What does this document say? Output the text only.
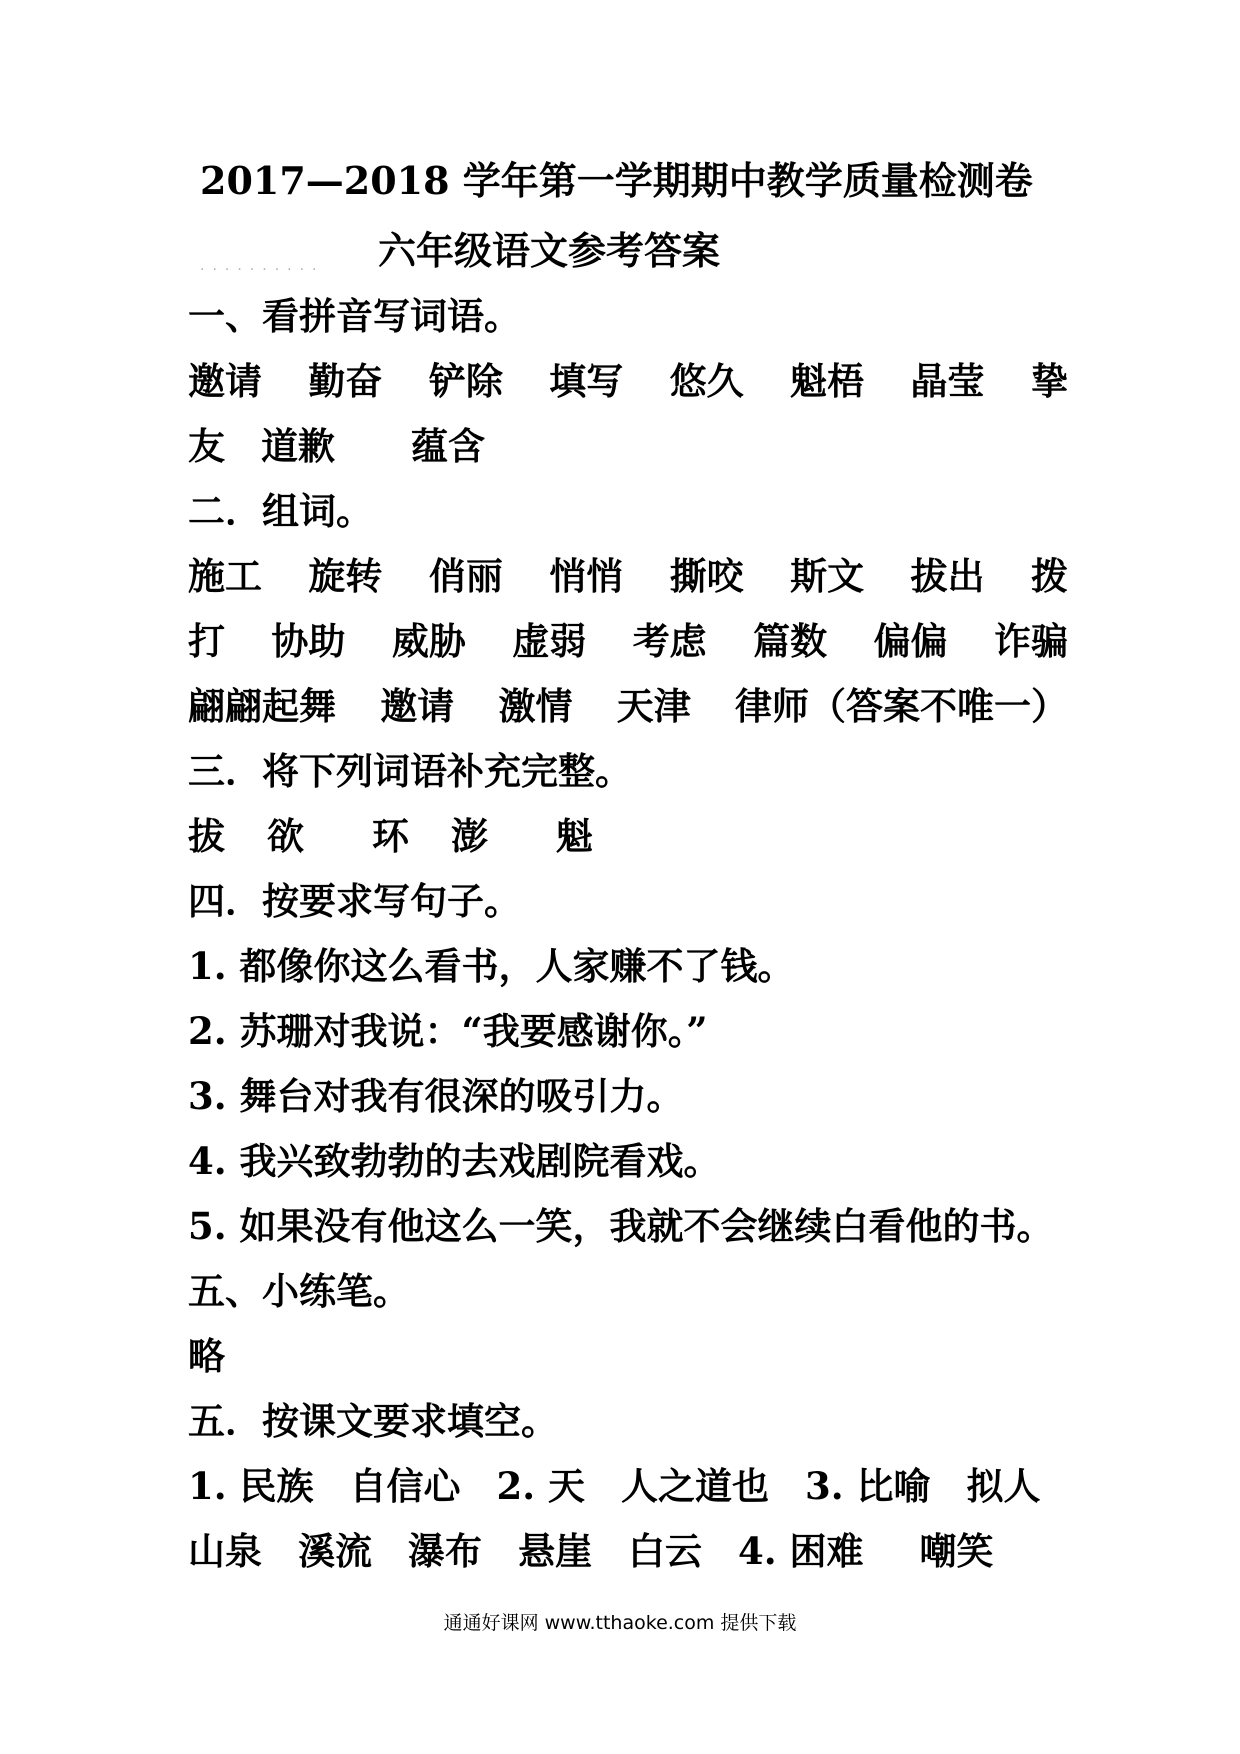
2017—2018 学年第一学期期中教学质量检测卷
·········· 六年级语文参考答案
一、看拼音写词语。
邀请 勤奋 铲除 填写 悠久 魁梧 晶莹 挚
友 道歉 蕴含
二．组词。
施工 旋转 俏丽 悄悄 撕咬 斯文 拔出 拨
打 协助 威胁 虚弱 考虑 篇数 偏偏 诈骗
翩翩起舞 邀请 激情 天津 律师（答案不唯一）
三．将下列词语补充完整。
拔 欲 环 澎 魁
四．按要求写句子。
1. 都像你这么看书，人家赚不了钱。
2. 苏珊对我说：“我要感谢你。”
3. 舞台对我有很深的吸引力。
4. 我兴致勃勃的去戏剧院看戏。
5. 如果没有他这么一笑，我就不会继续白看他的书。
五、小练笔。
略
五．按课文要求填空。
1. 民族 自信心 2. 天 人之道也 3. 比喻 拟人
山泉 溪流 瀑布 悬崖 白云 4. 困难 嘲笑
通通好课网 www.tthaoke.com 提供下载
